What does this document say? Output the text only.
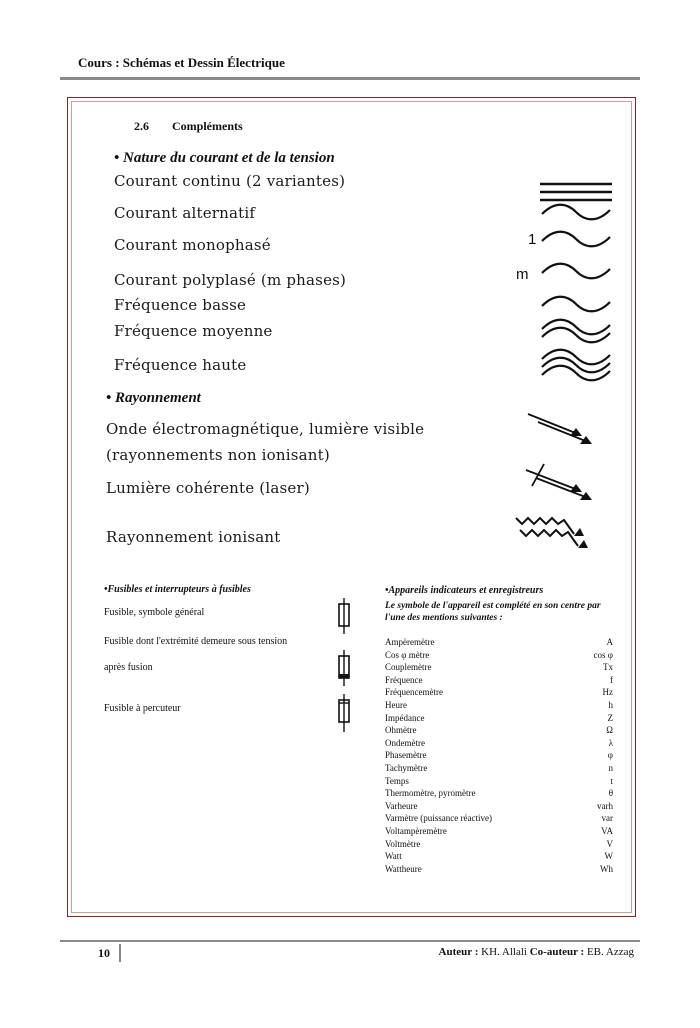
Cours : Schémas et Dessin Électrique
2.6 Compléments
• Nature du courant et de la tension
Courant continu (2 variantes)
Courant alternatif
Courant monophasé
Courant polyplasé (m phases)
Fréquence basse
Fréquence moyenne
Fréquence haute
1
m
• Rayonnement
Onde électromagnétique, lumière visible
(rayonnements non ionisant)
Lumière cohérente (laser)
Rayonnement ionisant
•Fusibles et interrupteurs à fusibles
Fusible, symbole général
Fusible dont l'extrémité demeure sous tension
après fusion
Fusible à percuteur
•Appareils indicateurs et enregistreurs
Le symbole de l'appareil est complété en son centre par l'une des mentions suivantes :
Ampèremètre	A
Cos φ mètre	cos φ
Couplemètre	Tx
Fréquence	f
Fréquencemètre	Hz
Heure	h
Impédance	Z
Ohmètre	Ω
Ondemètre	λ
Phasemètre	φ
Tachymètre	n
Temps	t
Thermomètre, pyromètre	θ
Varheure	varh
Varmètre (puissance réactive)	var
Voltampèremètre	VA
Voltmètre	V
Watt	W
Wattheure	Wh
10	Auteur : KH. Allali Co-auteur : EB. Azzag
